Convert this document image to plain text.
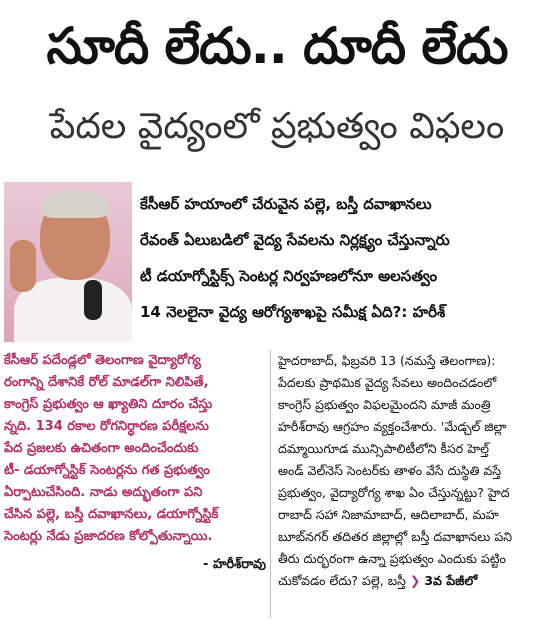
సూదీ లేదు.. దూదీ లేదు
పేదల వైద్యంలో ప్రభుత్వం విఫలం
కేసీఆర్ హయాంలో చేరువైన పల్లె, బస్తీ దవాఖానలు
రేవంత్ ఏలుబడిలో వైద్య సేవలను నిర్లక్ష్యం చేస్తున్నారు
టీ డయాగ్నోస్టిక్స్ సెంటర్ల నిర్వహణలోనూ అలసత్వం
14 నెలలైనా వైద్య ఆరోగ్యశాఖపై సమీక్ష ఏది?: హరీశ్
కేసీఆర్ పదేండ్లలో తెలంగాణ వైద్యారోగ్య
రంగాన్ని దేశానికే రోల్ మాడల్‌గా నిలిపితే,
కాంగ్రెస్ ప్రభుత్వం ఆ ఖ్యాతిని దూరం చేస్తు
న్నది. 134 రకాల రోగనిర్ధారణ పరీక్షలను
పేద ప్రజలకు ఉచితంగా అందించేందుకు
టీ- డయాగ్నోస్టిక్ సెంటర్లను గత ప్రభుత్వం
ఏర్పాటుచేసింది. నాడు అద్భుతంగా పని
చేసిన పల్లె, బస్తీ దవాఖానలు, డయాగ్నోస్టిక్
సెంటర్లు నేడు ప్రజాదరణ కోల్పోతున్నాయి.
- హరీశ్‌రావు
హైదరాబాద్, ఫిబ్రవరి 13 (నమస్తే తెలంగాణ):
పేదలకు ప్రాథమిక వైద్య సేవలు అందించడంలో
కాంగ్రెస్ ప్రభుత్వం విఫలమైందని మాజీ మంత్రి
హరీశ్‌రావు ఆగ్రహం వ్యక్తంచేశారు. 'మేడ్చల్ జిల్లా
దమ్మాయిగూడ మున్సిపాలిటీలోని కీసర హెల్త్
అండ్ వెల్‌నెస్ సెంటర్‌కు తాళం వేసే దుస్థితి వస్తే
ప్రభుత్వం, వైద్యారోగ్య శాఖ ఏం చేస్తున్నట్టు? హైద
రాబాద్ సహా నిజామాబాద్, ఆదిలాబాద్, మహ
బూబ్‌నగర్ తదితర జిల్లాల్లో బస్తీ దవాఖానలు పని
తీరు దుర్భరంగా ఉన్నా ప్రభుత్వం ఎందుకు పట్టిం
చుకోవడం లేదు? పల్లె, బస్తీ ❯ 3వ పేజీలో
